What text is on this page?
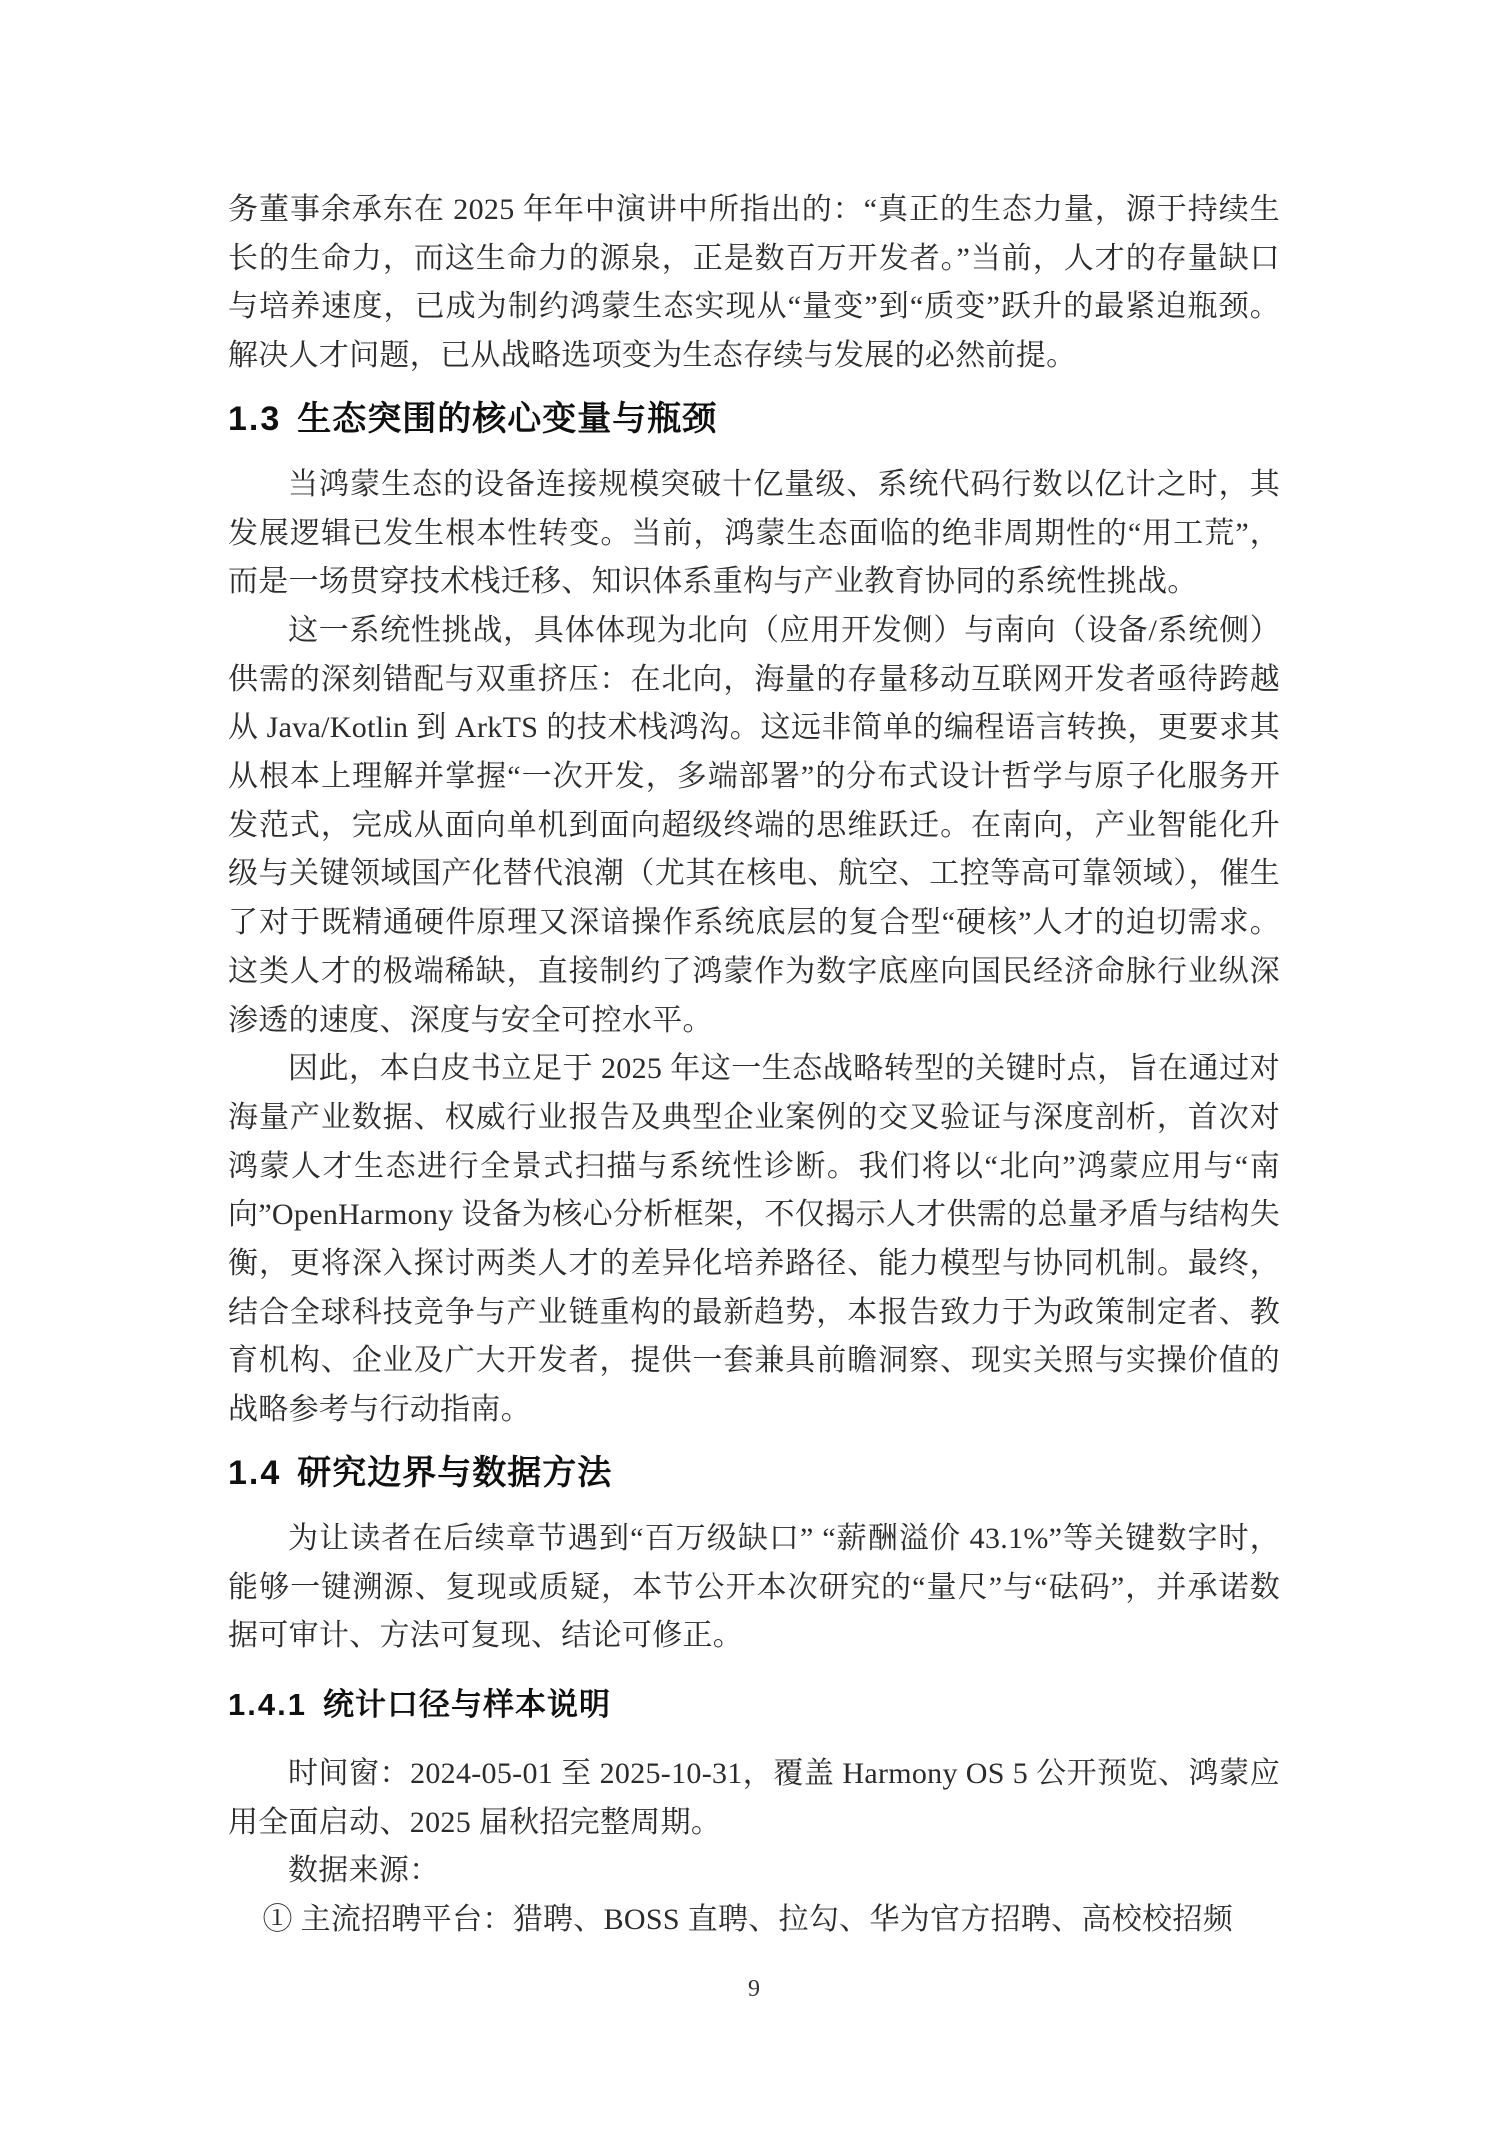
务董事余承东在 2025 年年中演讲中所指出的：“真正的生态力量，源于持续生长的生命力，而这生命力的源泉，正是数百万开发者。”当前，人才的存量缺口与培养速度，已成为制约鸿蒙生态实现从“量变”到“质变”跃升的最紧迫瓶颈。解决人才问题，已从战略选项变为生态存续与发展的必然前提。

1.3 生态突围的核心变量与瓶颈

当鸿蒙生态的设备连接规模突破十亿量级、系统代码行数以亿计之时，其发展逻辑已发生根本性转变。当前，鸿蒙生态面临的绝非周期性的“用工荒”，而是一场贯穿技术栈迁移、知识体系重构与产业教育协同的系统性挑战。

这一系统性挑战，具体体现为北向（应用开发侧）与南向（设备/系统侧）供需的深刻错配与双重挤压：在北向，海量的存量移动互联网开发者亟待跨越从 Java/Kotlin 到 ArkTS 的技术栈鸿沟。这远非简单的编程语言转换，更要求其从根本上理解并掌握“一次开发，多端部署”的分布式设计哲学与原子化服务开发范式，完成从面向单机到面向超级终端的思维跃迁。在南向，产业智能化升级与关键领域国产化替代浪潮（尤其在核电、航空、工控等高可靠领域），催生了对于既精通硬件原理又深谙操作系统底层的复合型“硬核”人才的迫切需求。这类人才的极端稀缺，直接制约了鸿蒙作为数字底座向国民经济命脉行业纵深渗透的速度、深度与安全可控水平。

因此，本白皮书立足于 2025 年这一生态战略转型的关键时点，旨在通过对海量产业数据、权威行业报告及典型企业案例的交叉验证与深度剖析，首次对鸿蒙人才生态进行全景式扫描与系统性诊断。我们将以“北向”鸿蒙应用与“南向”OpenHarmony 设备为核心分析框架，不仅揭示人才供需的总量矛盾与结构失衡，更将深入探讨两类人才的差异化培养路径、能力模型与协同机制。最终，结合全球科技竞争与产业链重构的最新趋势，本报告致力于为政策制定者、教育机构、企业及广大开发者，提供一套兼具前瞻洞察、现实关照与实操价值的战略参考与行动指南。

1.4 研究边界与数据方法

为让读者在后续章节遇到“百万级缺口” “薪酬溢价 43.1%”等关键数字时，能够一键溯源、复现或质疑，本节公开本次研究的“量尺”与“砝码”，并承诺数据可审计、方法可复现、结论可修正。

1.4.1 统计口径与样本说明

时间窗：2024-05-01 至 2025-10-31，覆盖 Harmony OS 5 公开预览、鸿蒙应用全面启动、2025 届秋招完整周期。

数据来源：

① 主流招聘平台：猎聘、BOSS 直聘、拉勾、华为官方招聘、高校校招频

9
